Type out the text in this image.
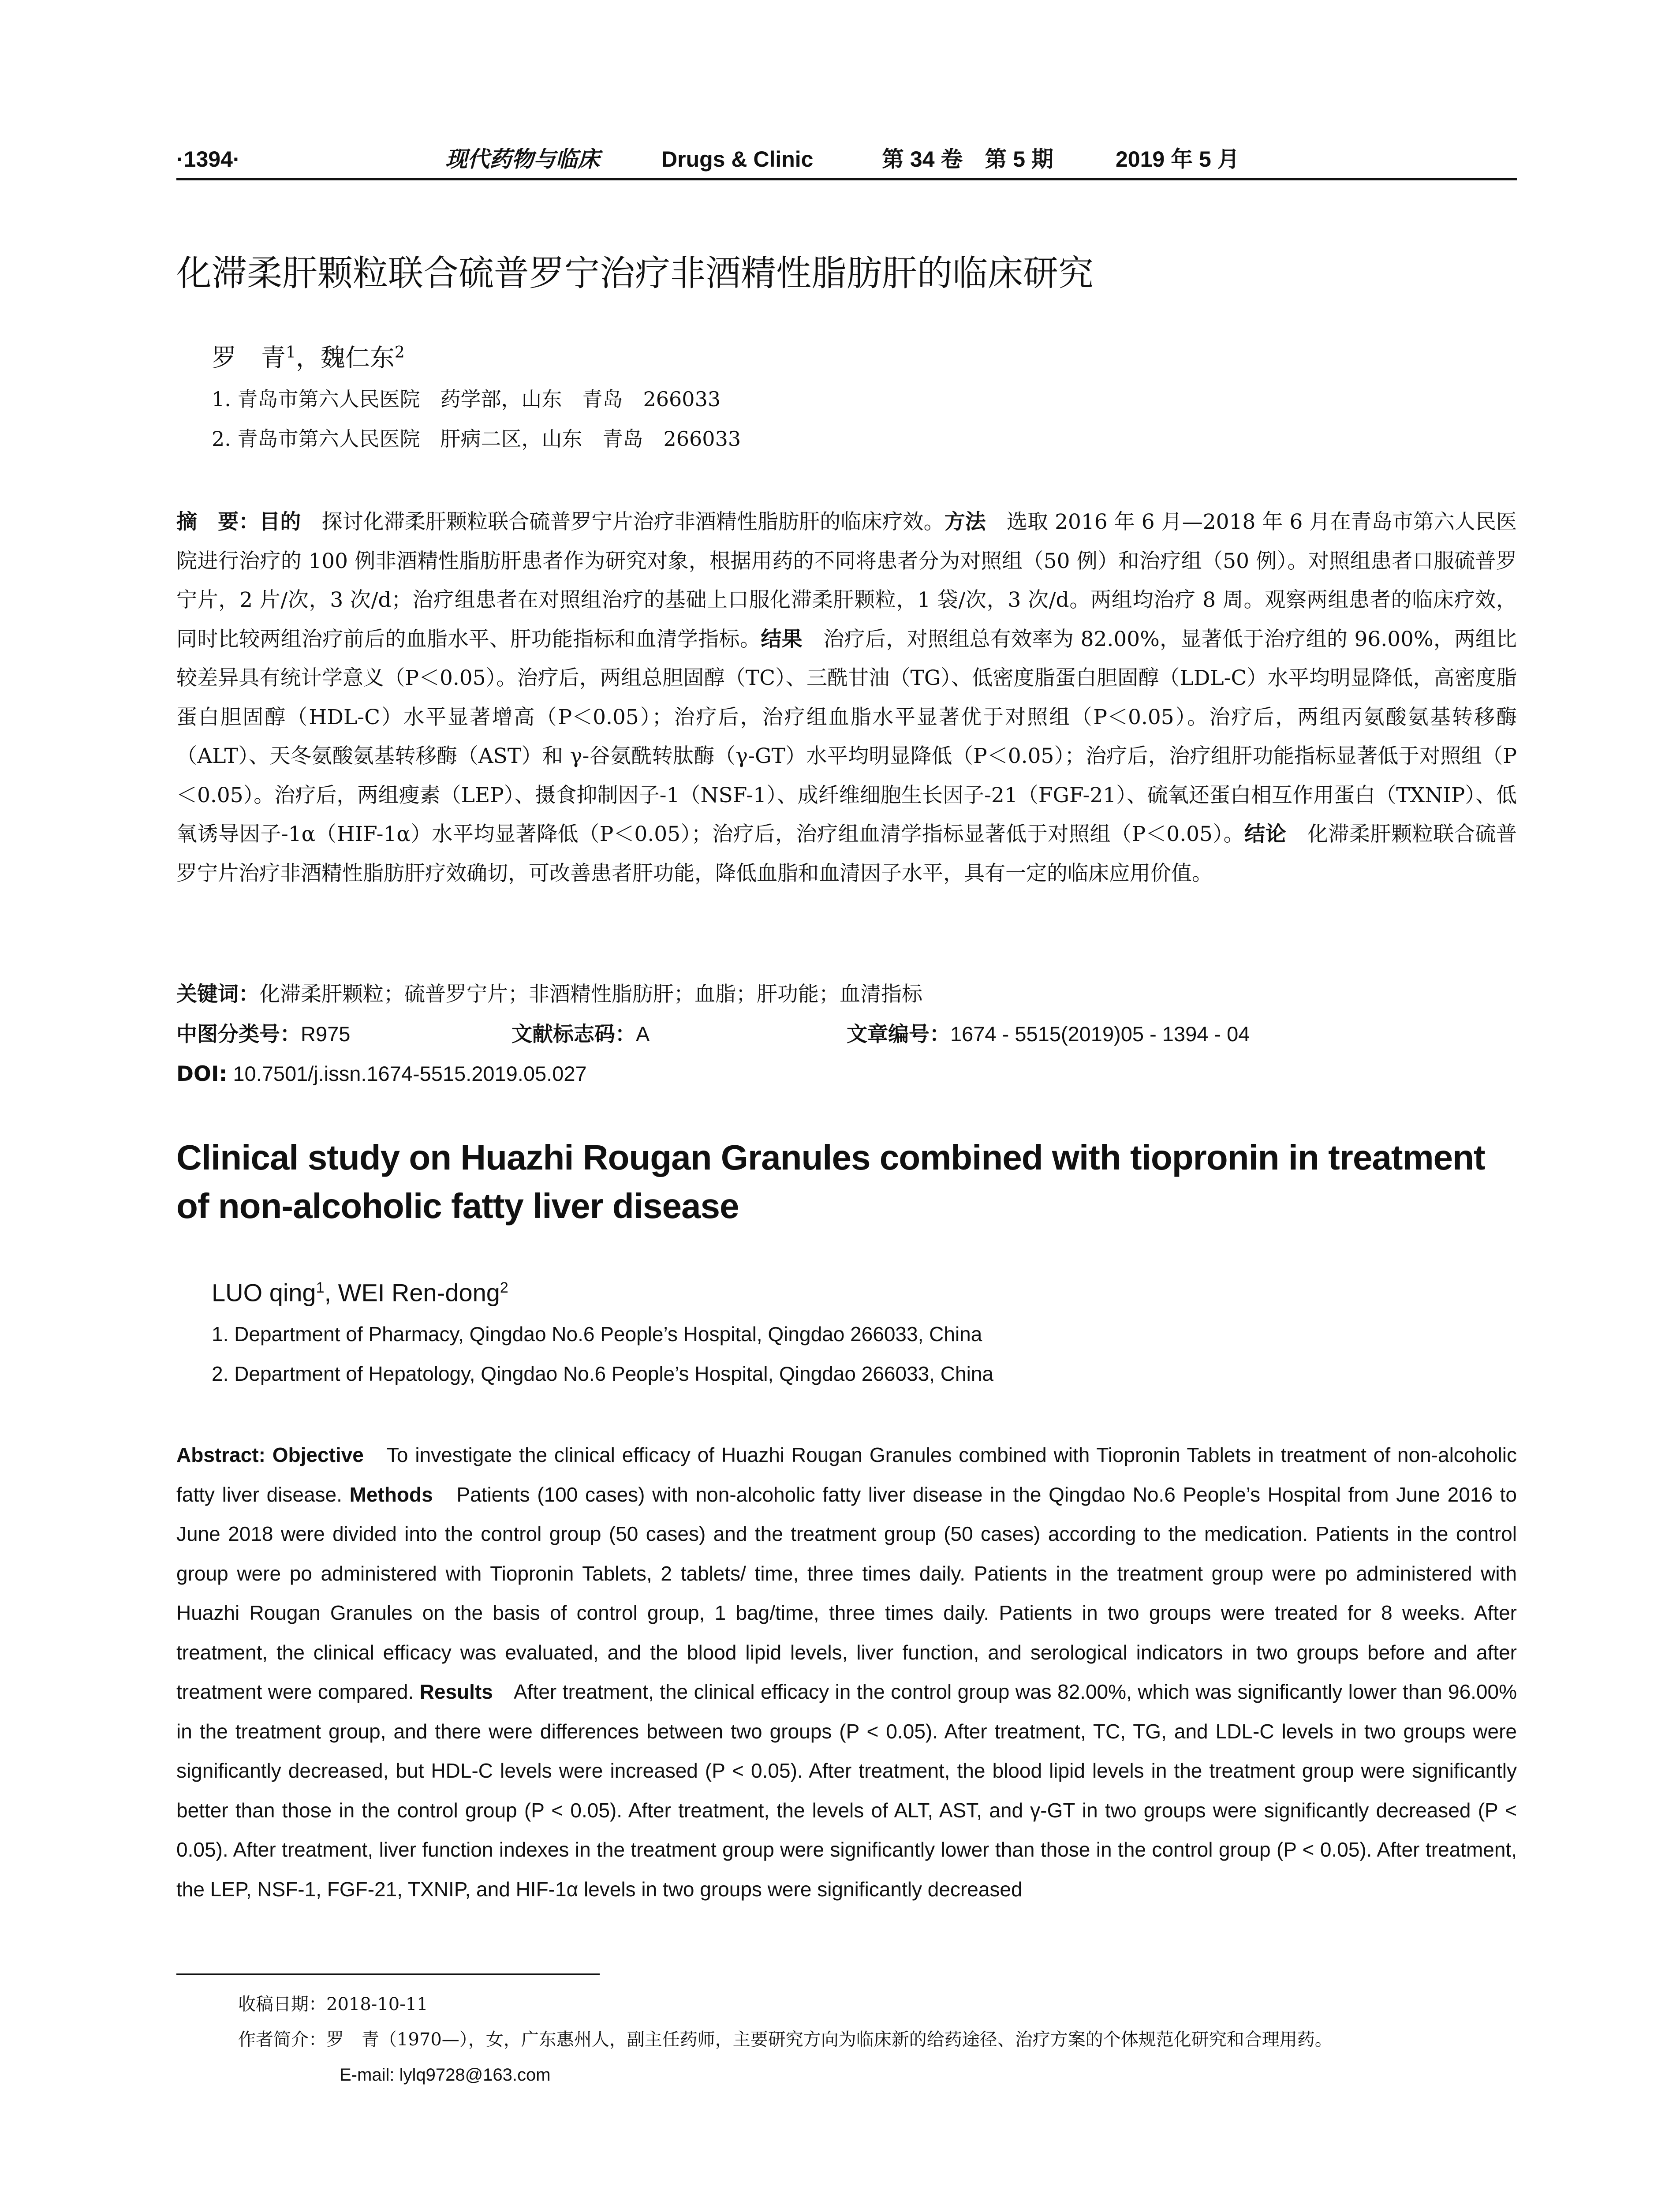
·1394·	现代药物与临床	Drugs & Clinic	第 34 卷　第 5 期	2019 年 5 月
化滞柔肝颗粒联合硫普罗宁治疗非酒精性脂肪肝的临床研究
罗　青$^1$，魏仁东$^2$
1. 青岛市第六人民医院　药学部，山东　青岛　266033
2. 青岛市第六人民医院　肝病二区，山东　青岛　266033
摘　要：目的　探讨化滞柔肝颗粒联合硫普罗宁片治疗非酒精性脂肪肝的临床疗效。方法　选取 2016 年 6 月—2018 年 6 月在青岛市第六人民医院进行治疗的 100 例非酒精性脂肪肝患者作为研究对象，根据用药的不同将患者分为对照组（50 例）和治疗组（50 例）。对照组患者口服硫普罗宁片，2 片/次，3 次/d；治疗组患者在对照组治疗的基础上口服化滞柔肝颗粒，1 袋/次，3 次/d。两组均治疗 8 周。观察两组患者的临床疗效，同时比较两组治疗前后的血脂水平、肝功能指标和血清学指标。结果　治疗后，对照组总有效率为 82.00%，显著低于治疗组的 96.00%，两组比较差异具有统计学意义（P＜0.05）。治疗后，两组总胆固醇（TC）、三酰甘油（TG）、低密度脂蛋白胆固醇（LDL-C）水平均明显降低，高密度脂蛋白胆固醇（HDL-C）水平显著增高（P＜0.05）；治疗后，治疗组血脂水平显著优于对照组（P＜0.05）。治疗后，两组丙氨酸氨基转移酶（ALT）、天冬氨酸氨基转移酶（AST）和 γ-谷氨酰转肽酶（γ-GT）水平均明显降低（P＜0.05）；治疗后，治疗组肝功能指标显著低于对照组（P＜0.05）。治疗后，两组瘦素（LEP）、摄食抑制因子-1（NSF-1）、成纤维细胞生长因子-21（FGF-21）、硫氧还蛋白相互作用蛋白（TXNIP）、低氧诱导因子-1α（HIF-1α）水平均显著降低（P＜0.05）；治疗后，治疗组血清学指标显著低于对照组（P＜0.05）。结论　化滞柔肝颗粒联合硫普罗宁片治疗非酒精性脂肪肝疗效确切，可改善患者肝功能，降低血脂和血清因子水平，具有一定的临床应用价值。
关键词：化滞柔肝颗粒；硫普罗宁片；非酒精性脂肪肝；血脂；肝功能；血清指标
中图分类号：R975	文献标志码：A	文章编号：1674 - 5515(2019)05 - 1394 - 04
DOI: 10.7501/j.issn.1674-5515.2019.05.027
Clinical study on Huazhi Rougan Granules combined with tiopronin in treatment of non-alcoholic fatty liver disease
LUO qing$^1$, WEI Ren-dong$^2$
1. Department of Pharmacy, Qingdao No.6 People’s Hospital, Qingdao 266033, China
2. Department of Hepatology, Qingdao No.6 People’s Hospital, Qingdao 266033, China
Abstract: Objective　To investigate the clinical efficacy of Huazhi Rougan Granules combined with Tiopronin Tablets in treatment of non-alcoholic fatty liver disease. Methods　Patients (100 cases) with non-alcoholic fatty liver disease in the Qingdao No.6 People’s Hospital from June 2016 to June 2018 were divided into the control group (50 cases) and the treatment group (50 cases) according to the medication. Patients in the control group were po administered with Tiopronin Tablets, 2 tablets/ time, three times daily. Patients in the treatment group were po administered with Huazhi Rougan Granules on the basis of control group, 1 bag/time, three times daily. Patients in two groups were treated for 8 weeks. After treatment, the clinical efficacy was evaluated, and the blood lipid levels, liver function, and serological indicators in two groups before and after treatment were compared. Results　After treatment, the clinical efficacy in the control group was 82.00%, which was significantly lower than 96.00% in the treatment group, and there were differences between two groups (P < 0.05). After treatment, TC, TG, and LDL-C levels in two groups were significantly decreased, but HDL-C levels were increased (P < 0.05). After treatment, the blood lipid levels in the treatment group were significantly better than those in the control group (P < 0.05). After treatment, the levels of ALT, AST, and γ-GT in two groups were significantly decreased (P < 0.05). After treatment, liver function indexes in the treatment group were significantly lower than those in the control group (P < 0.05). After treatment, the LEP, NSF-1, FGF-21, TXNIP, and HIF-1α levels in two groups were significantly decreased
收稿日期：2018-10-11
作者简介：罗　青（1970—），女，广东惠州人，副主任药师，主要研究方向为临床新的给药途径、治疗方案的个体规范化研究和合理用药。
E-mail: lylq9728@163.com
